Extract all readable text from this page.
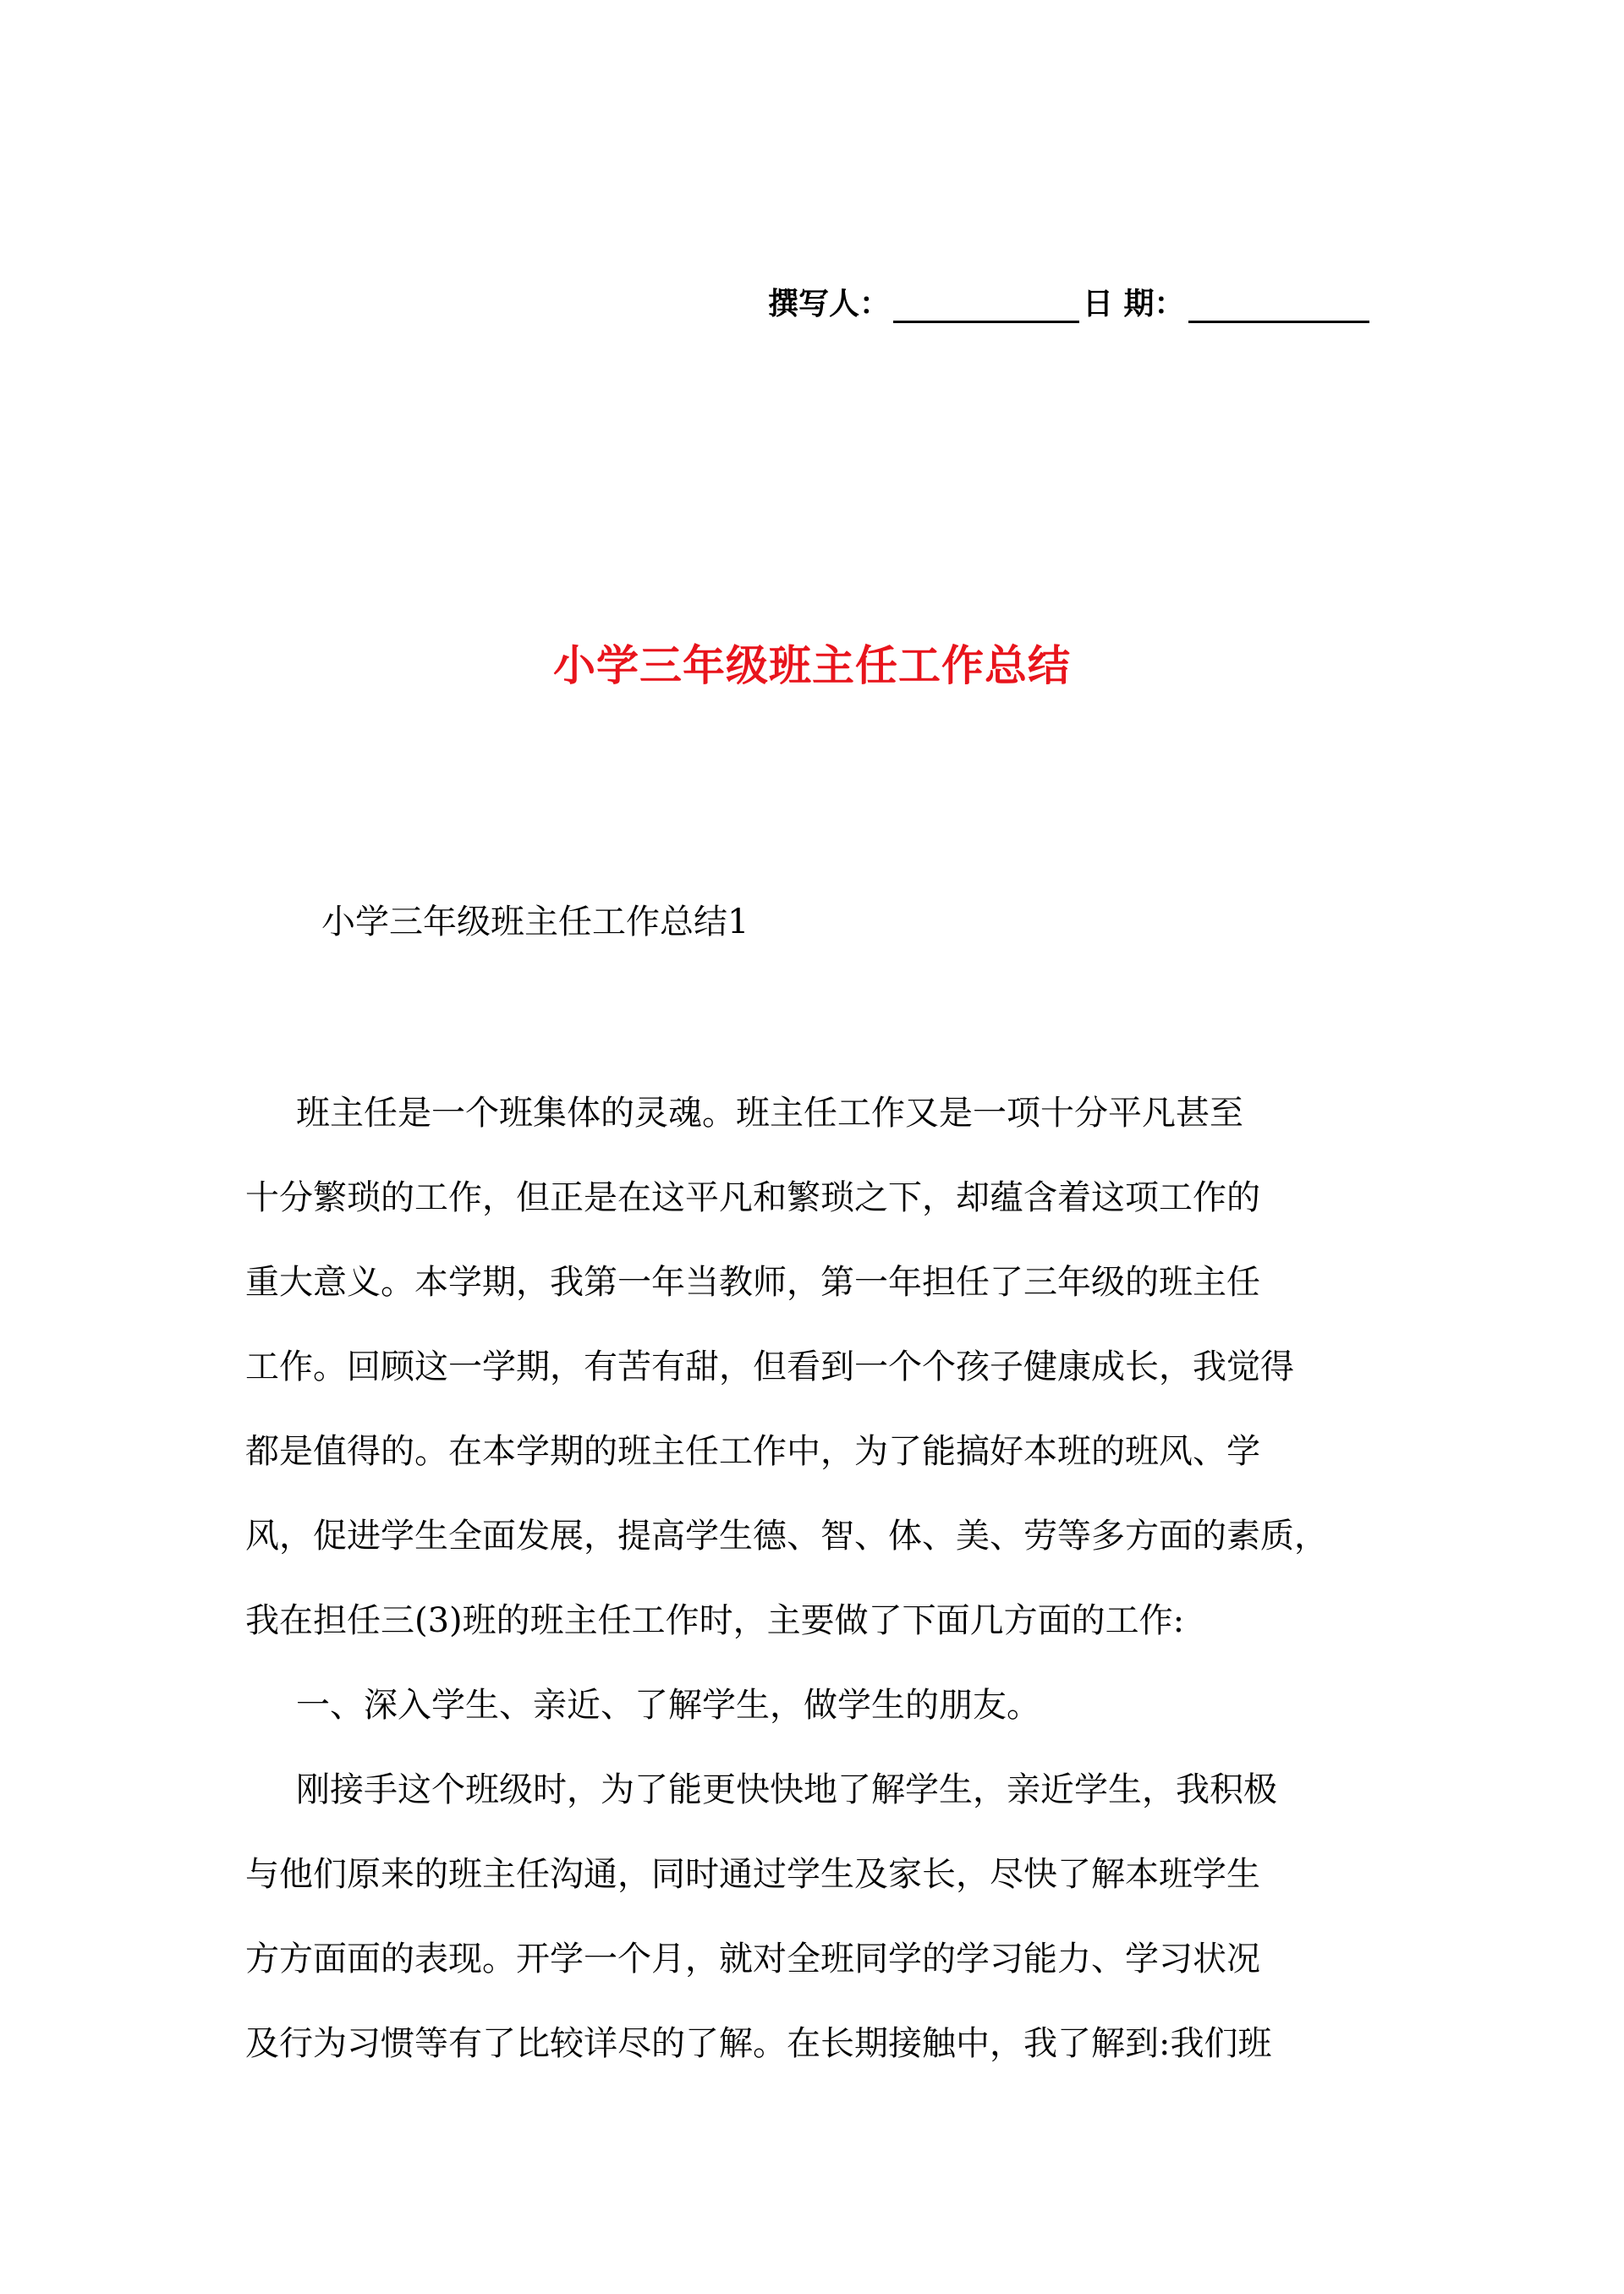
撰写人：	日 期：
小学三年级班主任工作总结
小学三年级班主任工作总结1
班主任是一个班集体的灵魂。班主任工作又是一项十分平凡甚至
十分繁琐的工作，但正是在这平凡和繁琐之下，却蕴含着这项工作的
重大意义。本学期，我第一年当教师，第一年担任了三年级的班主任
工作。回顾这一学期，有苦有甜，但看到一个个孩子健康成长，我觉得
都是值得的。在本学期的班主任工作中，为了能搞好本班的班风、学
风，促进学生全面发展，提高学生德、智、体、美、劳等多方面的素质，
我在担任三(3)班的班主任工作时，主要做了下面几方面的工作:
一、深入学生、亲近、了解学生，做学生的朋友。
刚接手这个班级时，为了能更快快地了解学生，亲近学生，我积极
与他们原来的班主任沟通，同时通过学生及家长，尽快了解本班学生
方方面面的表现。开学一个月，就对全班同学的学习能力、学习状况
及行为习惯等有了比较详尽的了解。在长期接触中，我了解到:我们班
